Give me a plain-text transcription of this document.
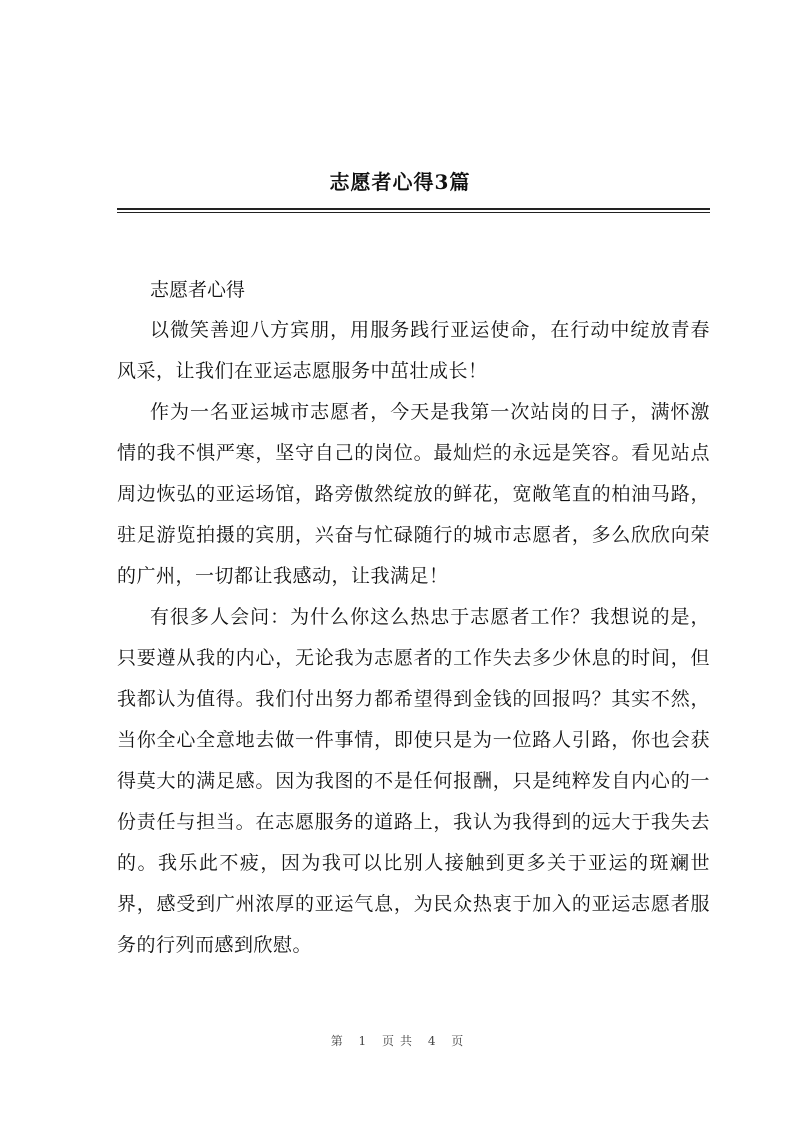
志愿者心得3篇

志愿者心得

以微笑善迎八方宾朋，用服务践行亚运使命，在行动中绽放青春风采，让我们在亚运志愿服务中茁壮成长！

作为一名亚运城市志愿者，今天是我第一次站岗的日子，满怀激情的我不惧严寒，坚守自己的岗位。最灿烂的永远是笑容。看见站点周边恢弘的亚运场馆，路旁傲然绽放的鲜花，宽敞笔直的柏油马路，驻足游览拍摄的宾朋，兴奋与忙碌随行的城市志愿者，多么欣欣向荣的广州，一切都让我感动，让我满足！

有很多人会问：为什么你这么热忠于志愿者工作？我想说的是，只要遵从我的内心，无论我为志愿者的工作失去多少休息的时间，但我都认为值得。我们付出努力都希望得到金钱的回报吗？其实不然，当你全心全意地去做一件事情，即使只是为一位路人引路，你也会获得莫大的满足感。因为我图的不是任何报酬，只是纯粹发自内心的一份责任与担当。在志愿服务的道路上，我认为我得到的远大于我失去的。我乐此不疲，因为我可以比别人接触到更多关于亚运的斑斓世界，感受到广州浓厚的亚运气息，为民众热衷于加入的亚运志愿者服务的行列而感到欣慰。

第 1 页共 4 页
